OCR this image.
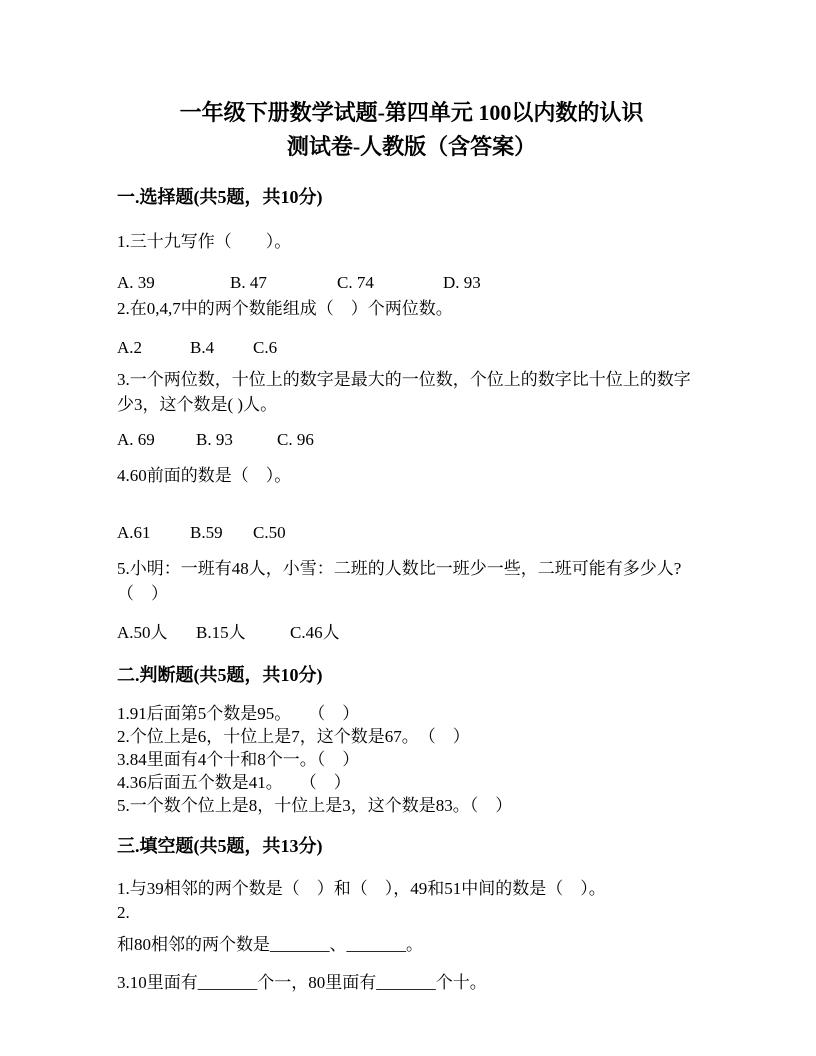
一年级下册数学试题-第四单元 100以内数的认识
测试卷-人教版（含答案）
一.选择题(共5题，共10分)
1.三十九写作（　　）。
A. 39	B. 47	C. 74	D. 93
2.在0,4,7中的两个数能组成（　）个两位数。
A.2	B.4 C.6
3.一个两位数，十位上的数字是最大的一位数，个位上的数字比十位上的数字少3，这个数是( )人。
A. 69 B. 93	C. 96
4.60前面的数是（　）。
A.61 B.59 C.50
5.小明：一班有48人，小雪：二班的人数比一班少一些，二班可能有多少人?（　）
A.50人 B.15人	C.46人
二.判断题(共5题，共10分)
1.91后面第5个数是95。　　（　）
2.个位上是6，十位上是7，这个数是67。　（　）
3.84里面有4个十和8个一。（　）
4.36后面五个数是41。　　（　）
5.一个数个位上是8，十位上是3，这个数是83。（　）
三.填空题(共5题，共13分)
1.与39相邻的两个数是（　）和（　），49和51中间的数是（　）。
2.
和80相邻的两个数是_______、_______。
3.10里面有_______个一，80里面有_______个十。
